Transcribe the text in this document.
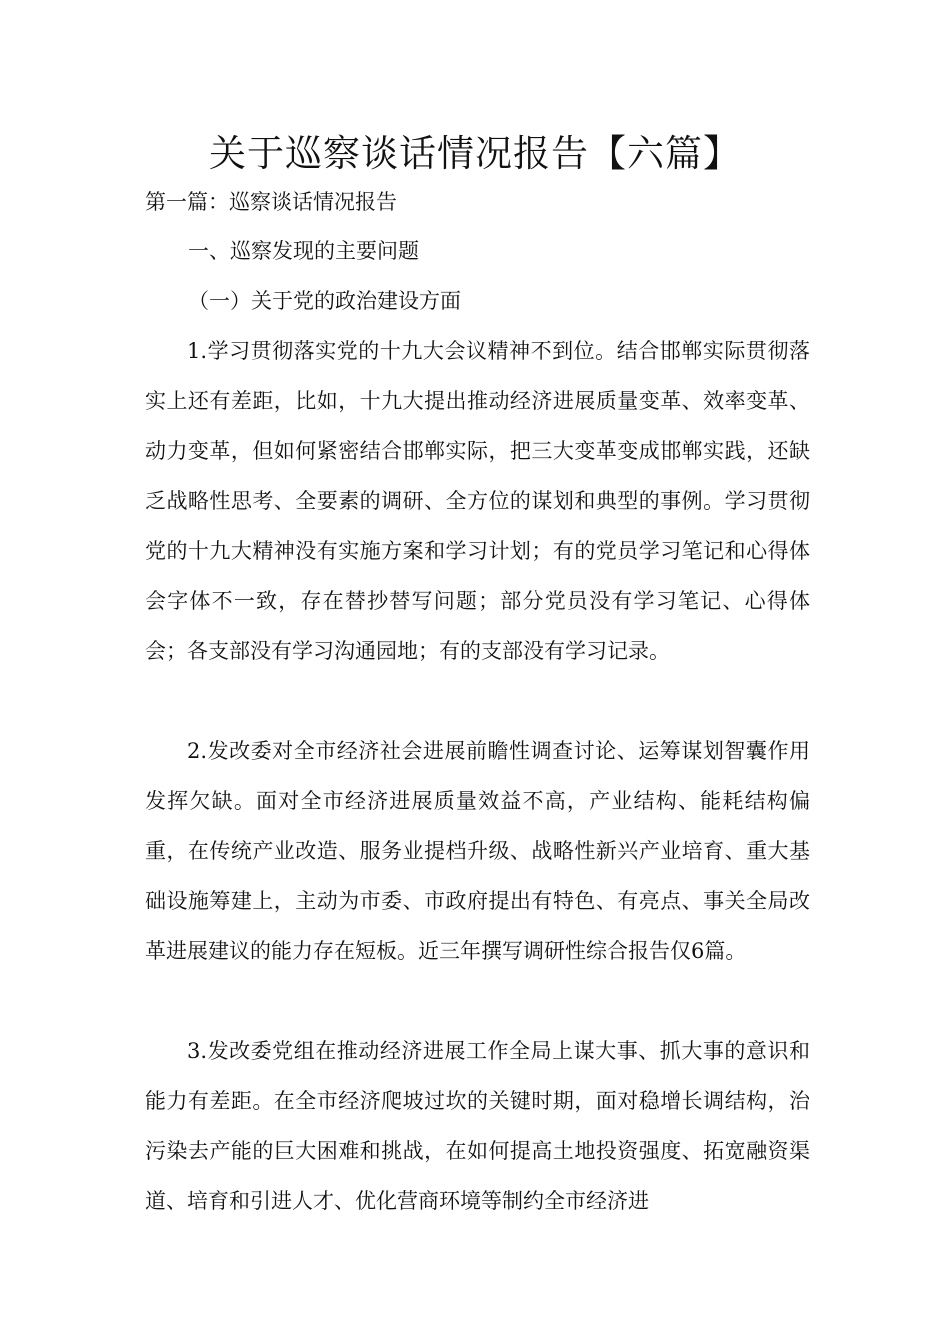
关于巡察谈话情况报告【六篇】
第一篇：巡察谈话情况报告
一、巡察发现的主要问题
（一）关于党的政治建设方面

1.学习贯彻落实党的十九大会议精神不到位。结合邯郸实际贯彻落实上还有差距，比如，十九大提出推动经济进展质量变革、效率变革、动力变革，但如何紧密结合邯郸实际，把三大变革变成邯郸实践，还缺乏战略性思考、全要素的调研、全方位的谋划和典型的事例。学习贯彻党的十九大精神没有实施方案和学习计划；有的党员学习笔记和心得体会字体不一致，存在替抄替写问题；部分党员没有学习笔记、心得体会；各支部没有学习沟通园地；有的支部没有学习记录。

2.发改委对全市经济社会进展前瞻性调查讨论、运筹谋划智囊作用发挥欠缺。面对全市经济进展质量效益不高，产业结构、能耗结构偏重，在传统产业改造、服务业提档升级、战略性新兴产业培育、重大基础设施筹建上，主动为市委、市政府提出有特色、有亮点、事关全局改革进展建议的能力存在短板。近三年撰写调研性综合报告仅6篇。

3.发改委党组在推动经济进展工作全局上谋大事、抓大事的意识和能力有差距。在全市经济爬坡过坎的关键时期，面对稳增长调结构，治污染去产能的巨大困难和挑战，在如何提高土地投资强度、拓宽融资渠道、培育和引进人才、优化营商环境等制约全市经济进
